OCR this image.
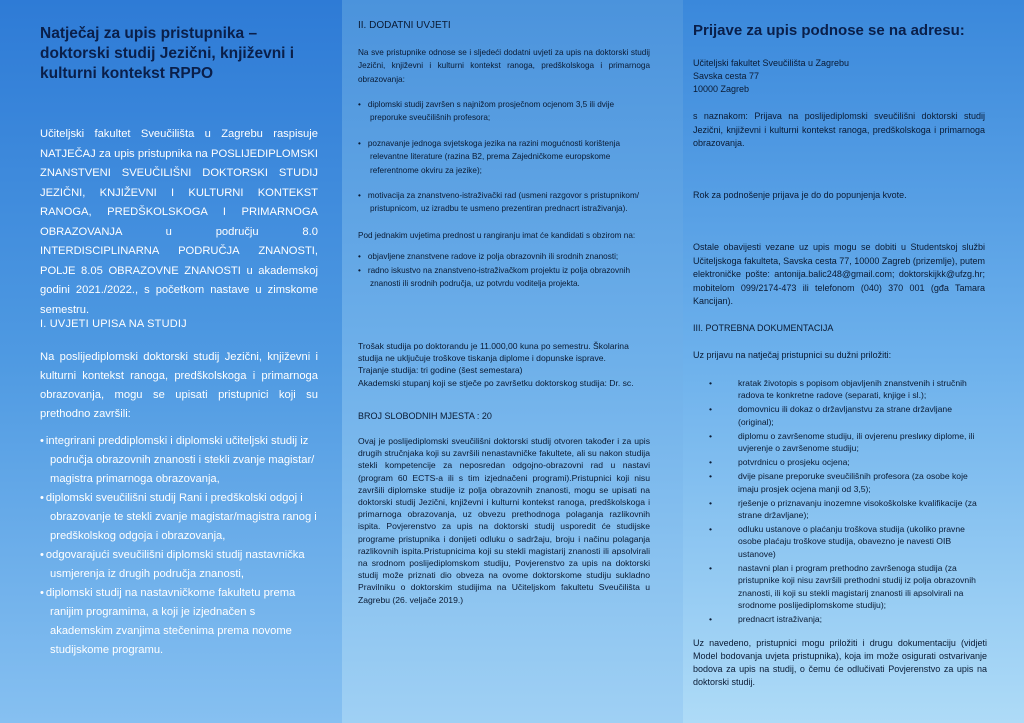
Natječaj za upis pristupnika – doktorski studij Jezični, književni i kulturni kontekst RPPO
Učiteljski fakultet Sveučilišta u Zagrebu raspisuje NATJEČAJ za upis pristupnika na POSLIJEDIPLOMSKI ZNANSTVENI SVEUČILIŠNI DOKTORSKI STUDIJ JEZIČNI, KNJIŽEVNI I KULTURNI KONTEKST RANOGA, PREDŠKOLSKOGA I PRIMARNOGA OBRAZOVANJA u području 8.0 INTERDISCIPLINARNA PODRUČJA ZNANOSTI, POLJE 8.05 OBRAZOVNE ZNANOSTI u akademskoj godini 2021./2022., s početkom nastave u zimskome semestru.
I. UVJETI UPISA NA STUDIJ
Na poslijediplomski doktorski studij Jezični, književni i kulturni kontekst ranoga, predškolskoga i primarnoga obrazovanja, mogu se upisati pristupnici koji su prethodno završili:
• integrirani preddiplomski i diplomski učiteljski studij iz područja obrazovnih znanosti i stekli zvanje magistar/ magistra primarnoga obrazovanja,
• diplomski sveučilišni studij Rani i predškolski odgoj i obrazovanje te stekli zvanje magistar/magistra ranog i predškolskog odgoja i obrazovanja,
• odgovarajući sveučilišni diplomski studij nastavnička usmjerenja iz drugih područja znanosti,
• diplomski studij na nastavničkome fakultetu prema ranijim programima, a koji je izjednačen s akademskim zvanjima stečenima prema novome studijskome programu.
II. DODATNI UVJETI
Na sve pristupnike odnose se i sljedeći dodatni uvjeti za upis na doktorski studij Jezični, književni i kulturni kontekst ranoga, predškolskoga i primarnoga obrazovanja:
• diplomski studij završen s najnižom prosječnom ocjenom 3,5 ili dvije preporuke sveučilišnih profesora;
• poznavanje jednoga svjetskoga jezika na razini mogućnosti korištenja relevantne literature (razina B2, prema Zajedničkome europskome referentnome okviru za jezike);
• motivacija za znanstveno-istraživački rad (usmeni razgovor s pristupnikom/ pristupnicom, uz izradbu te usmeno prezentiran prednacrt istraživanja).
Pod jednakim uvjetima prednost u rangiranju imat će kandidati s obzirom na:
• objavljene znanstvene radove iz polja obrazovnih ili srodnih znanosti;
• radno iskustvo na znanstveno-istraživačkom projektu iz polja obrazovnih znanosti ili srodnih područja, uz potvrdu voditelja projekta.
Trošak studija po doktorandu je 11.000,00 kuna po semestru. Školarina studija ne uključuje troškove tiskanja diplome i dopunske isprave.
Trajanje studija: tri godine (šest semestara)
Akademski stupanj koji se stječe po završetku doktorskog studija: Dr. sc.
BROJ SLOBODNIH MJESTA : 20
Ovaj je poslijediplomski sveučilišni doktorski studij otvoren također i za upis drugih stručnjaka koji su završili nenastavničke fakultete, ali su nakon studija stekli kompetencije za neposredan odgojno-obrazovni rad u nastavi (program 60 ECTS-a ili s tim izjednačeni programi).Pristupnici koji nisu završili diplomske studije iz polja obrazovnih znanosti, mogu se upisati na doktorski studij Jezični, književni i kulturni kontekst ranoga, predškolskoga i primarnoga obrazovanja, uz obvezu prethodnoga polaganja razlikovnih ispita. Povjerenstvo za upis na doktorski studij usporedit će studijske programe pristupnika i donijeti odluku o sadržaju, broju i načinu polaganja razlikovnih ispita.Pristupnicima koji su stekli magistarij znanosti ili apsolvirali na srodnom poslijediplomskom studiju, Povjerenstvo za upis na doktorski studij može priznati dio obveza na ovome doktorskome studiju sukladno Pravilniku o doktorskim studijima na Učiteljskom fakultetu Sveučilišta u Zagrebu (26. veljače 2019.)
Prijave za upis podnose se na adresu:
Učiteljski fakultet Sveučilišta u Zagrebu
Savska cesta 77
10000 Zagreb
s naznakom: Prijava na poslijediplomski sveučilišni doktorski studij Jezični, književni i kulturni kontekst ranoga, predškolskoga i primarnoga obrazovanja.
Rok za podnošenje prijava je do do popunjenja kvote.
Ostale obavijesti vezane uz upis mogu se dobiti u Studentskoj službi Učiteljskoga fakulteta, Savska cesta 77, 10000 Zagreb (prizemlje), putem elektroničke pošte: antonija.balic248@gmail.com; doktorskijkk@ufzg.hr; mobitelom 099/2174-473 ili telefonom (040) 370 001 (gđa Tamara Kancijan).
III. POTREBNA DOKUMENTACIJA
Uz prijavu na natječaj pristupnici su dužni priložiti:
• kratak životopis s popisom objavljenih znanstvenih i stručnih radova te konkretne radove (separati, knjige i sl.);
• domovnicu ili dokaz o državljanstvu za strane državljane (original);
• diplomu o završenome studiju, ili ovjerenu preslику diplome, ili uvjerenje o završenome studiju;
• potvrdnicu o prosjeku ocjena;
• dvije pisane preporuke sveučilišnih profesora (za osobe koje imaju prosjek ocjena manji od 3,5);
• rješenje o priznavanju inozemne visokoškolske kvalifikacije (za strane državljane);
• odluku ustanove o plaćanju troškova studija (ukoliko pravne osobe plaćaju troškove studija, obavezno je navesti OIB ustanove)
• nastavni plan i program prethodno završenoga studija (za pristupnike koji nisu završili prethodni studij iz polja obrazovnih znanosti, ili koji su stekli magistarij znanosti ili apsolvirali na srodnome poslijediplomskome studiju);
• prednacrt istraživanja;
Uz navedeno, pristupnici mogu priložiti i drugu dokumentaciju (vidjeti Model bodovanja uvjeta pristupnika), koja im može osigurati ostvarivanje bodova za upis na studij, o čemu će odlučivati Povjerenstvo za upis na doktorski studij.
